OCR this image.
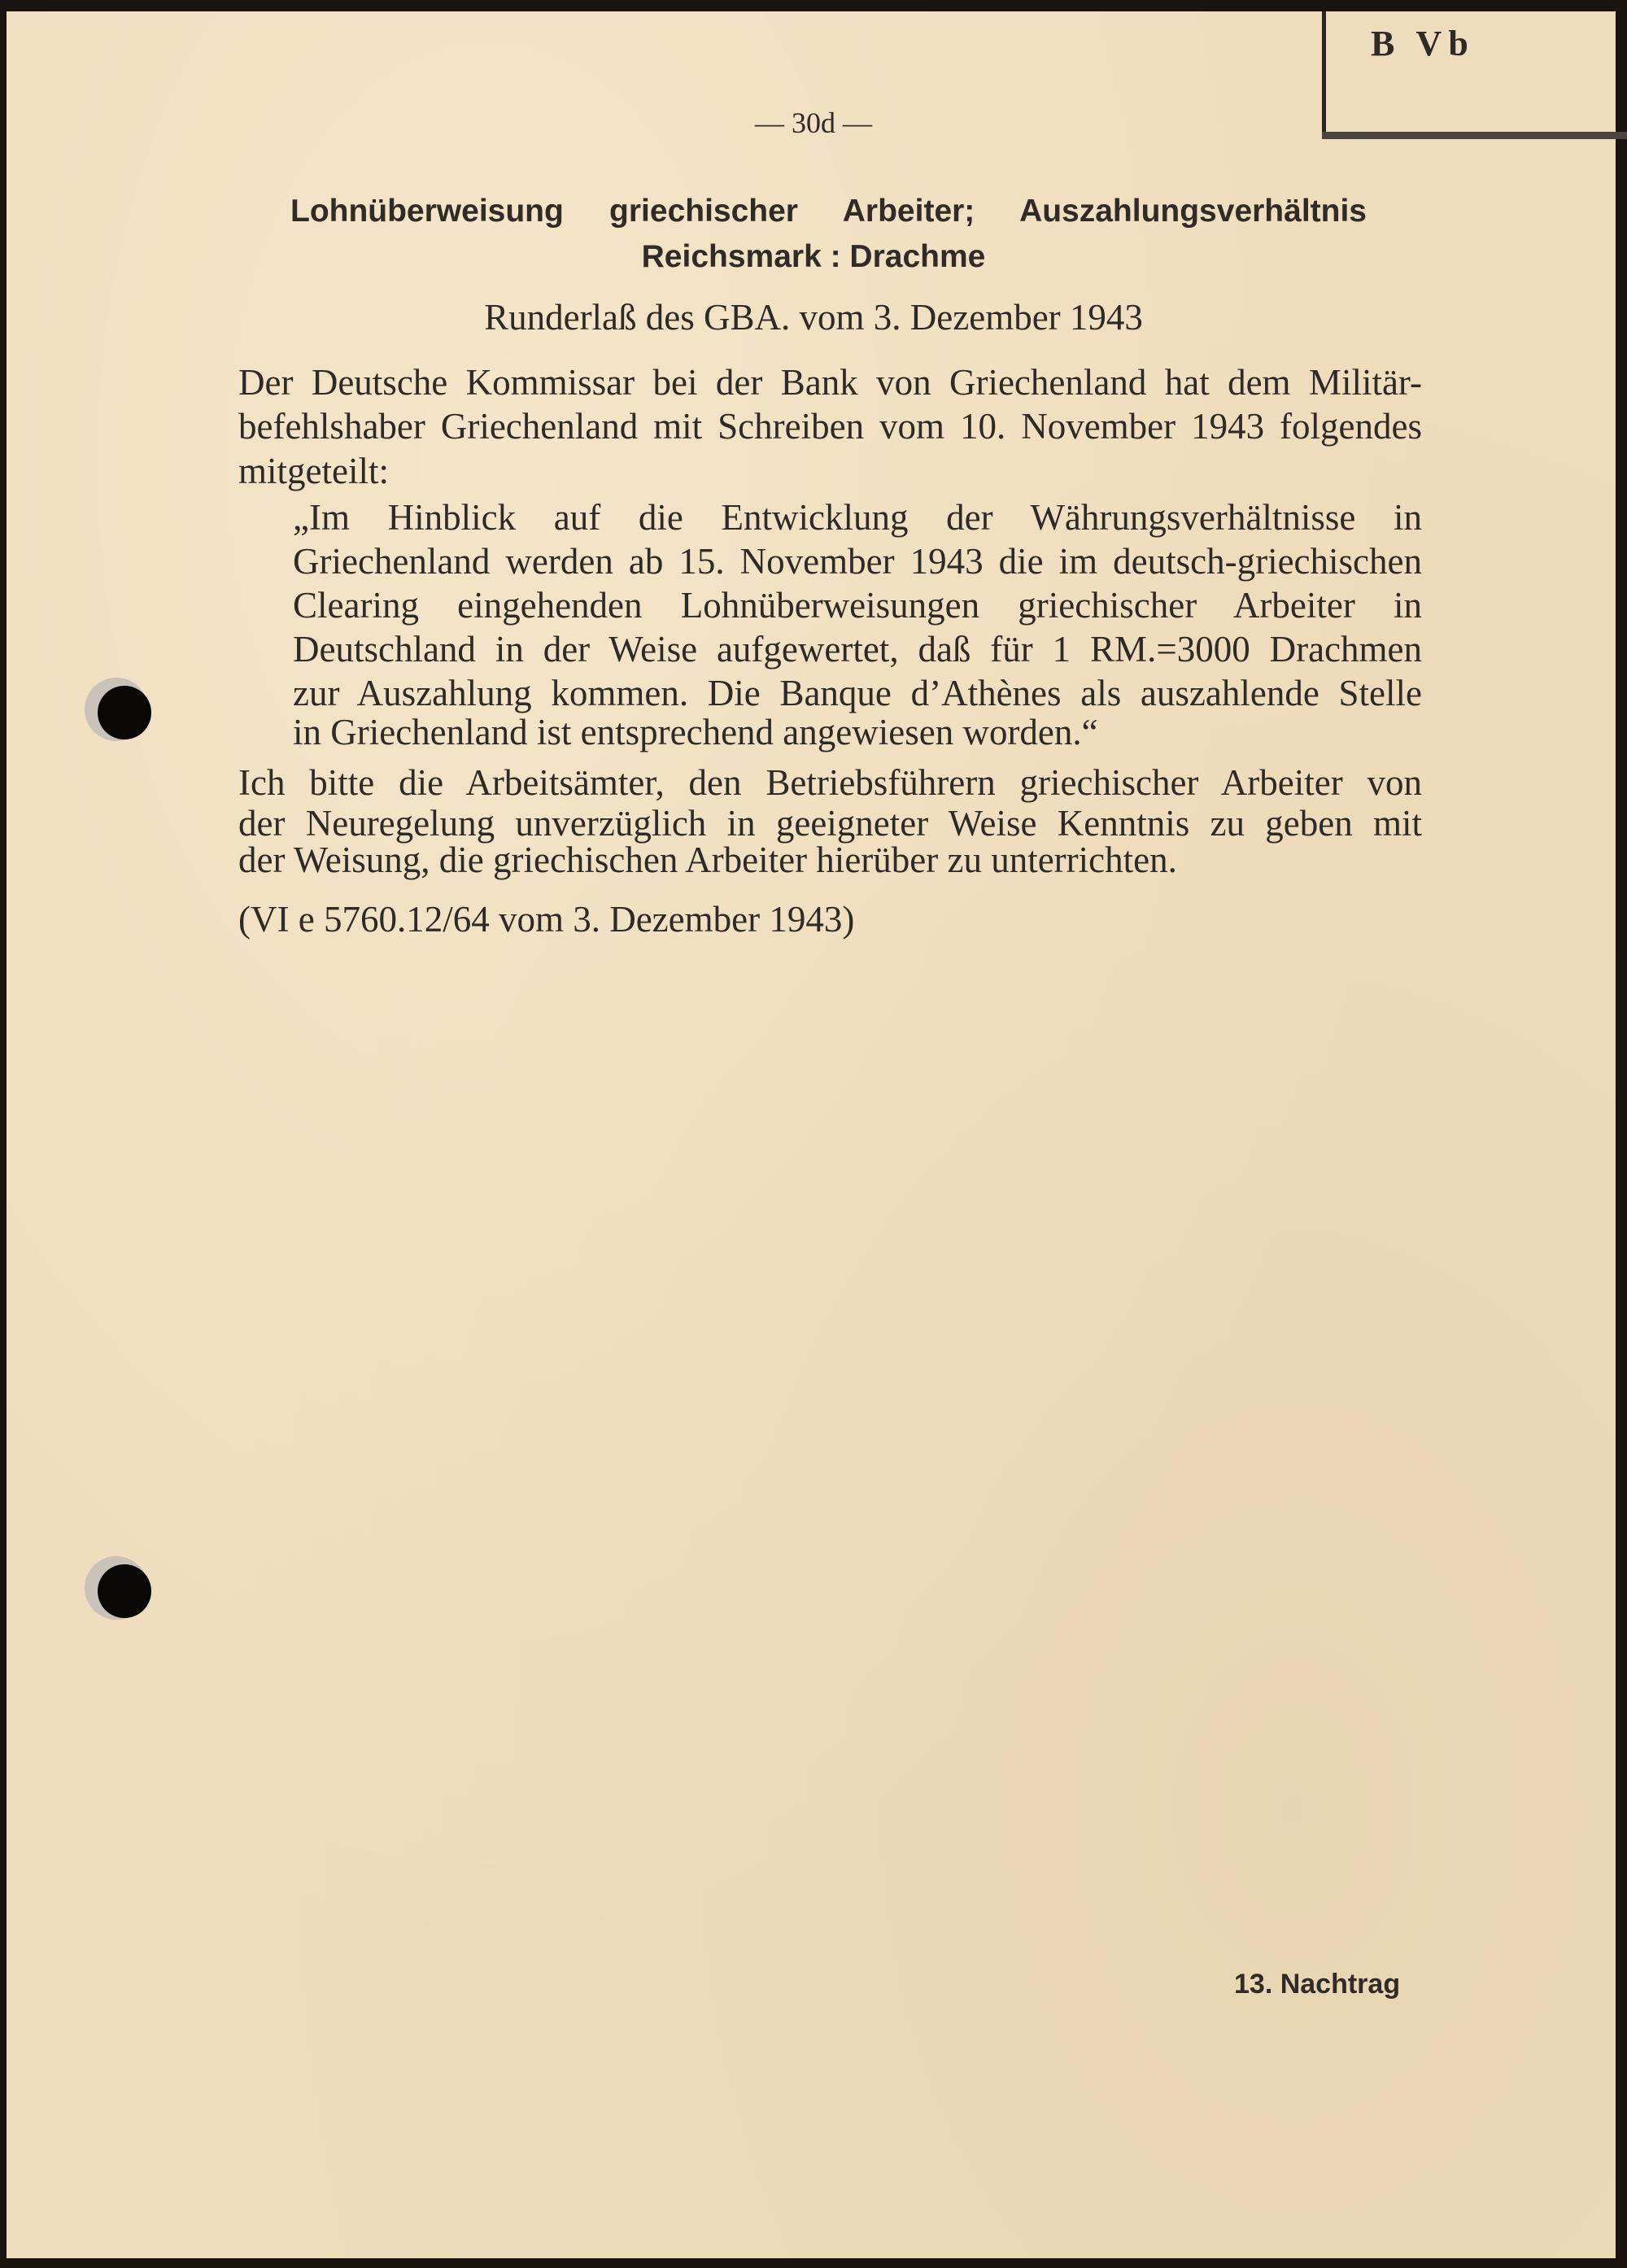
B Vb
— 30d —
Lohnüberweisung griechischer Arbeiter; Auszahlungsverhältnis
Reichsmark : Drachme
Runderlaß des GBA. vom 3. Dezember 1943
Der Deutsche Kommissar bei der Bank von Griechenland hat dem Militär-
befehlshaber Griechenland mit Schreiben vom 10. November 1943 folgendes
mitgeteilt:
„Im Hinblick auf die Entwicklung der Währungsverhältnisse in
Griechenland werden ab 15. November 1943 die im deutsch-griechischen
Clearing eingehenden Lohnüberweisungen griechischer Arbeiter in
Deutschland in der Weise aufgewertet, daß für 1 RM.=3000 Drachmen
zur Auszahlung kommen. Die Banque d’Athènes als auszahlende Stelle
in Griechenland ist entsprechend angewiesen worden.“
Ich bitte die Arbeitsämter, den Betriebsführern griechischer Arbeiter von
der Neuregelung unverzüglich in geeigneter Weise Kenntnis zu geben mit
der Weisung, die griechischen Arbeiter hierüber zu unterrichten.
(VI e 5760.12/64 vom 3. Dezember 1943)
13. Nachtrag
